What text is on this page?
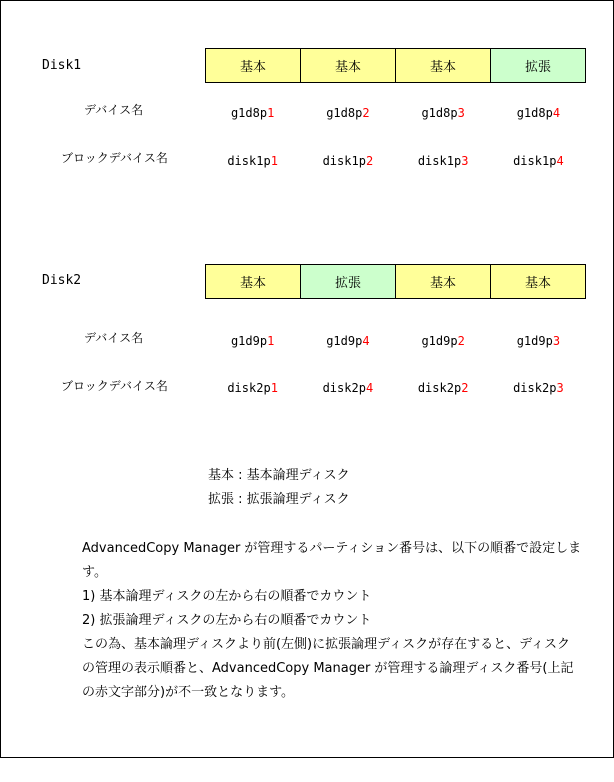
Disk1	基本	基本	基本	拡張
デバイス名	g1d8p1	g1d8p2	g1d8p3	g1d8p4
ブロックデバイス名	disk1p1	disk1p2	disk1p3	disk1p4
Disk2	基本	拡張	基本	基本
デバイス名	g1d9p1	g1d9p4	g1d9p2	g1d9p3
ブロックデバイス名	disk2p1	disk2p4	disk2p2	disk2p3
基本 : 基本論理ディスク
拡張 : 拡張論理ディスク

AdvancedCopy Manager が管理するパーティション番号は、以下の順番で設定します。

1) 基本論理ディスクの左から右の順番でカウント

2) 拡張論理ディスクの左から右の順番でカウント

この為、基本論理ディスクより前(左側)に拡張論理ディスクが存在すると、ディスクの管理の表示順番と、AdvancedCopy Manager が管理する論理ディスク番号(上記の赤文字部分)が不一致となります。
